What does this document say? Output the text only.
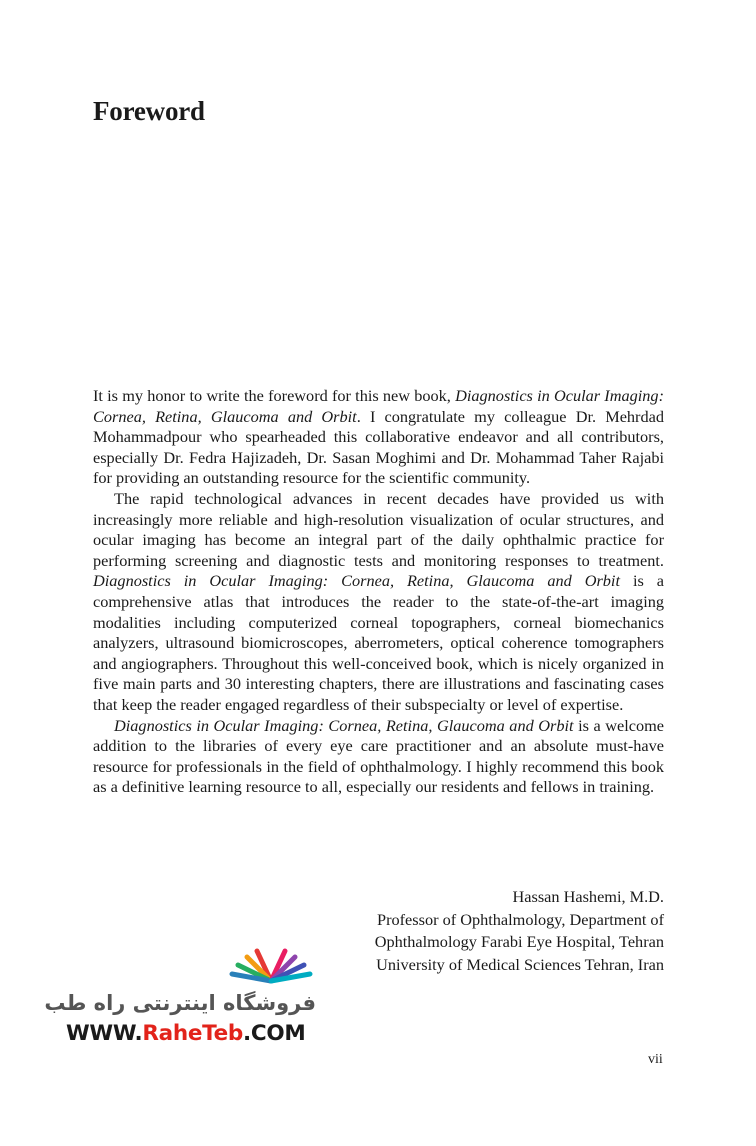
Foreword

It is my honor to write the foreword for this new book, Diagnostics in Ocular Imaging: Cornea, Retina, Glaucoma and Orbit. I congratulate my colleague Dr. Mehrdad Mohammadpour who spearheaded this collaborative endeavor and all contributors, especially Dr. Fedra Hajizadeh, Dr. Sasan Moghimi and Dr. Mohammad Taher Rajabi for providing an outstanding resource for the scientific community.

The rapid technological advances in recent decades have provided us with increasingly more reliable and high-resolution visualization of ocular structures, and ocular imaging has become an integral part of the daily ophthalmic practice for performing screening and diagnostic tests and monitoring responses to treatment. Diagnostics in Ocular Imaging: Cornea, Retina, Glaucoma and Orbit is a comprehensive atlas that introduces the reader to the state-of-the-art imaging modalities including computerized corneal topographers, corneal biomechanics analyzers, ultrasound biomicroscopes, aberrometers, optical coherence tomographers and angiographers. Throughout this well-conceived book, which is nicely organized in five main parts and 30 interesting chapters, there are illustrations and fascinating cases that keep the reader engaged regardless of their subspecialty or level of expertise.

Diagnostics in Ocular Imaging: Cornea, Retina, Glaucoma and Orbit is a welcome addition to the libraries of every eye care practitioner and an absolute must-have resource for professionals in the field of ophthalmology. I highly recommend this book as a definitive learning resource to all, especially our residents and fellows in training.

Hassan Hashemi, M.D.
Professor of Ophthalmology, Department of
Ophthalmology Farabi Eye Hospital, Tehran
University of Medical Sciences Tehran, Iran
فروشگاه اینترنتی راه طب
WWW.RaheTeb.COM
vii
